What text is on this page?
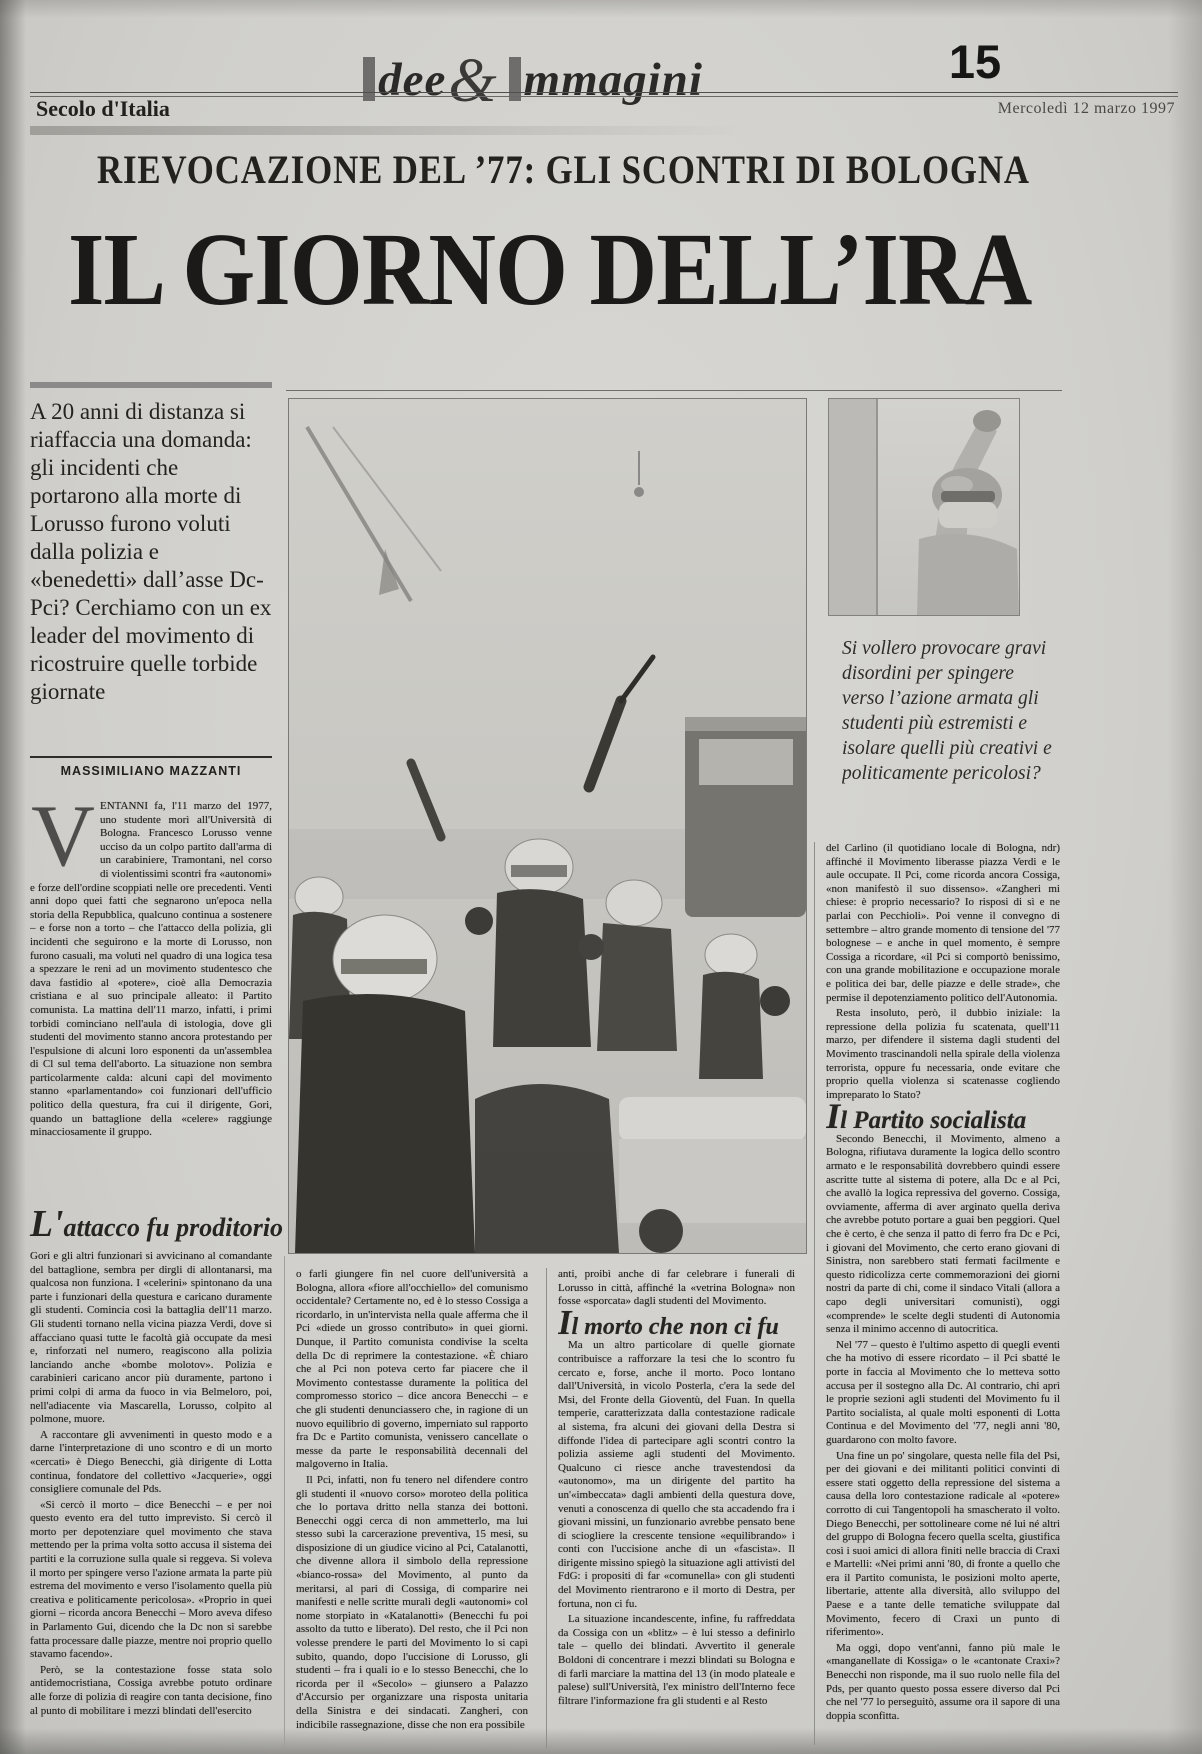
dee& mmagini	15
Secolo d'Italia	Mercoledì 12 marzo 1997
RIEVOCAZIONE DEL ’77: GLI SCONTRI DI BOLOGNA
IL GIORNO DELL’IRA
A 20 anni di distanza si riaffaccia una domanda: gli incidenti che portarono alla morte di Lorusso furono voluti dalla polizia e «benedetti» dall’asse Dc-Pci? Cerchiamo con un ex leader del movimento di ricostruire quelle torbide giornate
MASSIMILIANO MAZZANTI

VENTANNI fa, l'11 marzo del 1977, uno studente morì all'Università di Bologna. Francesco Lorusso venne ucciso da un colpo partito dall'arma di un carabiniere, Tramontani, nel corso di violentissimi scontri fra «autonomi» e forze dell'ordine scoppiati nelle ore precedenti. Venti anni dopo quei fatti che segnarono un'epoca nella storia della Repubblica, qualcuno continua a sostenere – e forse non a torto – che l'attacco della polizia, gli incidenti che seguirono e la morte di Lorusso, non furono casuali, ma voluti nel quadro di una logica tesa a spezzare le reni ad un movimento studentesco che dava fastidio al «potere», cioè alla Democrazia cristiana e al suo principale alleato: il Partito comunista. La mattina dell'11 marzo, infatti, i primi torbidi cominciano nell'aula di istologia, dove gli studenti del movimento stanno ancora protestando per l'espulsione di alcuni loro esponenti da un'assemblea di Cl sul tema dell'aborto. La situazione non sembra particolarmente calda: alcuni capi del movimento stanno «parlamentando» coi funzionari dell'ufficio politico della questura, fra cui il dirigente, Gori, quando un battaglione della «celere» raggiunge minacciosamente il gruppo.

L'attacco fu proditorio

Gori e gli altri funzionari si avvicinano al comandante del battaglione, sembra per dirgli di allontanarsi, ma qualcosa non funziona. I «celerini» spintonano da una parte i funzionari della questura e caricano duramente gli studenti. Comincia così la battaglia dell'11 marzo. Gli studenti tornano nella vicina piazza Verdi, dove si affacciano quasi tutte le facoltà già occupate da mesi e, rinforzati nel numero, reagiscono alla polizia lanciando anche «bombe molotov». Polizia e carabinieri caricano ancor più duramente, partono i primi colpi di arma da fuoco in via Belmeloro, poi, nell'adiacente via Mascarella, Lorusso, colpito al polmone, muore.

A raccontare gli avvenimenti in questo modo e a darne l'interpretazione di uno scontro e di un morto «cercati» è Diego Benecchi, già dirigente di Lotta continua, fondatore del collettivo «Jacquerie», oggi consigliere comunale del Pds.

«Si cercò il morto – dice Benecchi – e per noi questo evento era del tutto imprevisto. Si cercò il morto per depotenziare quel movimento che stava mettendo per la prima volta sotto accusa il sistema dei partiti e la corruzione sulla quale si reggeva. Si voleva il morto per spingere verso l'azione armata la parte più estrema del movimento e verso l'isolamento quella più creativa e politicamente pericolosa». «Proprio in quei giorni – ricorda ancora Benecchi – Moro aveva difeso in Parlamento Gui, dicendo che la Dc non si sarebbe fatta processare dalle piazze, mentre noi proprio quello stavamo facendo».

Però, se la contestazione fosse stata solo antidemocristiana, Cossiga avrebbe potuto ordinare alle forze di polizia di reagire con tanta decisione, fino al punto di mobilitare i mezzi blindati dell'esercito

Si vollero provocare gravi disordini per spingere verso l’azione armata gli studenti più estremisti e isolare quelli più creativi e politicamente pericolosi?

del Carlino (il quotidiano locale di Bologna, ndr) affinché il Movimento liberasse piazza Verdi e le aule occupate. Il Pci, come ricorda ancora Cossiga, «non manifestò il suo dissenso». «Zangheri mi chiese: è proprio necessario? Io risposi di sì e ne parlai con Pecchioli». Poi venne il convegno di settembre – altro grande momento di tensione del '77 bolognese – e anche in quel momento, è sempre Cossiga a ricordare, «il Pci si comportò benissimo, con una grande mobilitazione e occupazione morale e politica dei bar, delle piazze e delle strade», che permise il depotenziamento politico dell'Autonomia.

Resta insoluto, però, il dubbio iniziale: la repressione della polizia fu scatenata, quell'11 marzo, per difendere il sistema dagli studenti del Movimento trascinandoli nella spirale della violenza terrorista, oppure fu necessaria, onde evitare che proprio quella violenza si scatenasse cogliendo impreparato lo Stato?

Il Partito socialista

Secondo Benecchi, il Movimento, almeno a Bologna, rifiutava duramente la logica dello scontro armato e le responsabilità dovrebbero quindi essere ascritte tutte al sistema di potere, alla Dc e al Pci, che avallò la logica repressiva del governo. Cossiga, ovviamente, afferma di aver arginato quella deriva che avrebbe potuto portare a guai ben peggiori. Quel che è certo, è che senza il patto di ferro fra Dc e Pci, i giovani del Movimento, che certo erano giovani di Sinistra, non sarebbero stati fermati facilmente e questo ridicolizza certe commemorazioni dei giorni nostri da parte di chi, come il sindaco Vitali (allora a capo degli universitari comunisti), oggi «comprende» le scelte degli studenti di Autonomia senza il minimo accenno di autocritica.

Nel '77 – questo è l'ultimo aspetto di quegli eventi che ha motivo di essere ricordato – il Pci sbatté le porte in faccia al Movimento che lo metteva sotto accusa per il sostegno alla Dc. Al contrario, chi aprì le proprie sezioni agli studenti del Movimento fu il Partito socialista, al quale molti esponenti di Lotta Continua e del Movimento del '77, negli anni '80, guardarono con molto favore.

Una fine un po' singolare, questa nelle fila del Psi, per dei giovani e dei militanti politici convinti di essere stati oggetto della repressione del sistema a causa della loro contestazione radicale al «potere» corrotto di cui Tangentopoli ha smascherato il volto. Diego Benecchi, per sottolineare come né lui né altri del gruppo di Bologna fecero quella scelta, giustifica così i suoi amici di allora finiti nelle braccia di Craxi e Martelli: «Nei primi anni '80, di fronte a quello che era il Partito comunista, le posizioni molto aperte, libertarie, attente alla diversità, allo sviluppo del Paese e a tante delle tematiche sviluppate dal Movimento, fecero di Craxi un punto di riferimento».

Ma oggi, dopo vent'anni, fanno più male le «manganellate di Kossiga» o le «cantonate Craxi»? Benecchi non risponde, ma il suo ruolo nelle fila del Pds, per quanto questo possa essere diverso dal Pci che nel '77 lo perseguitò, assume ora il sapore di una doppia sconfitta.

o farli giungere fin nel cuore dell'università a Bologna, allora «fiore all'occhiello» del comunismo occidentale? Certamente no, ed è lo stesso Cossiga a ricordarlo, in un'intervista nella quale afferma che il Pci «diede un grosso contributo» in quei giorni. Dunque, il Partito comunista condivise la scelta della Dc di reprimere la contestazione. «È chiaro che al Pci non poteva certo far piacere che il Movimento contestasse duramente la politica del compromesso storico – dice ancora Benecchi – e che gli studenti denunciassero che, in ragione di un nuovo equilibrio di governo, imperniato sul rapporto fra Dc e Partito comunista, venissero cancellate o messe da parte le responsabilità decennali del malgoverno in Italia.

Il Pci, infatti, non fu tenero nel difendere contro gli studenti il «nuovo corso» moroteo della politica che lo portava dritto nella stanza dei bottoni. Benecchi oggi cerca di non ammetterlo, ma lui stesso subì la carcerazione preventiva, 15 mesi, su disposizione di un giudice vicino al Pci, Catalanotti, che divenne allora il simbolo della repressione «bianco-rossa» del Movimento, al punto da meritarsi, al pari di Cossiga, di comparire nei manifesti e nelle scritte murali degli «autonomi» col nome storpiato in «Katalanotti» (Benecchi fu poi assolto da tutto e liberato). Del resto, che il Pci non volesse prendere le parti del Movimento lo si capì subito, quando, dopo l'uccisione di Lorusso, gli studenti – fra i quali io e lo stesso Benecchi, che lo ricorda per il «Secolo» – giunsero a Palazzo d'Accursio per organizzare una risposta unitaria della Sinistra e dei sindacati. Zangheri, con indicibile rassegnazione, disse che non era possibile

anti, proibì anche di far celebrare i funerali di Lorusso in città, affinché la «vetrina Bologna» non fosse «sporcata» dagli studenti del Movimento.

Il morto che non ci fu

Ma un altro particolare di quelle giornate contribuisce a rafforzare la tesi che lo scontro fu cercato e, forse, anche il morto. Poco lontano dall'Università, in vicolo Posterla, c'era la sede del Msi, del Fronte della Gioventù, del Fuan. In quella temperie, caratterizzata dalla contestazione radicale al sistema, fra alcuni dei giovani della Destra si diffonde l'idea di partecipare agli scontri contro la polizia assieme agli studenti del Movimento. Qualcuno ci riesce anche travestendosi da «autonomo», ma un dirigente del partito ha un'«imbeccata» dagli ambienti della questura dove, venuti a conoscenza di quello che sta accadendo fra i giovani missini, un funzionario avrebbe pensato bene di sciogliere la crescente tensione «equilibrando» i conti con l'uccisione anche di un «fascista». Il dirigente missino spiegò la situazione agli attivisti del FdG: i propositi di far «comunella» con gli studenti del Movimento rientrarono e il morto di Destra, per fortuna, non ci fu.

La situazione incandescente, infine, fu raffreddata da Cossiga con un «blitz» – è lui stesso a definirlo tale – quello dei blindati. Avvertito il generale Boldoni di concentrare i mezzi blindati su Bologna e di farli marciare la mattina del 13 (in modo plateale e palese) sull'Università, l'ex ministro dell'Interno fece filtrare l'informazione fra gli studenti e al Resto
